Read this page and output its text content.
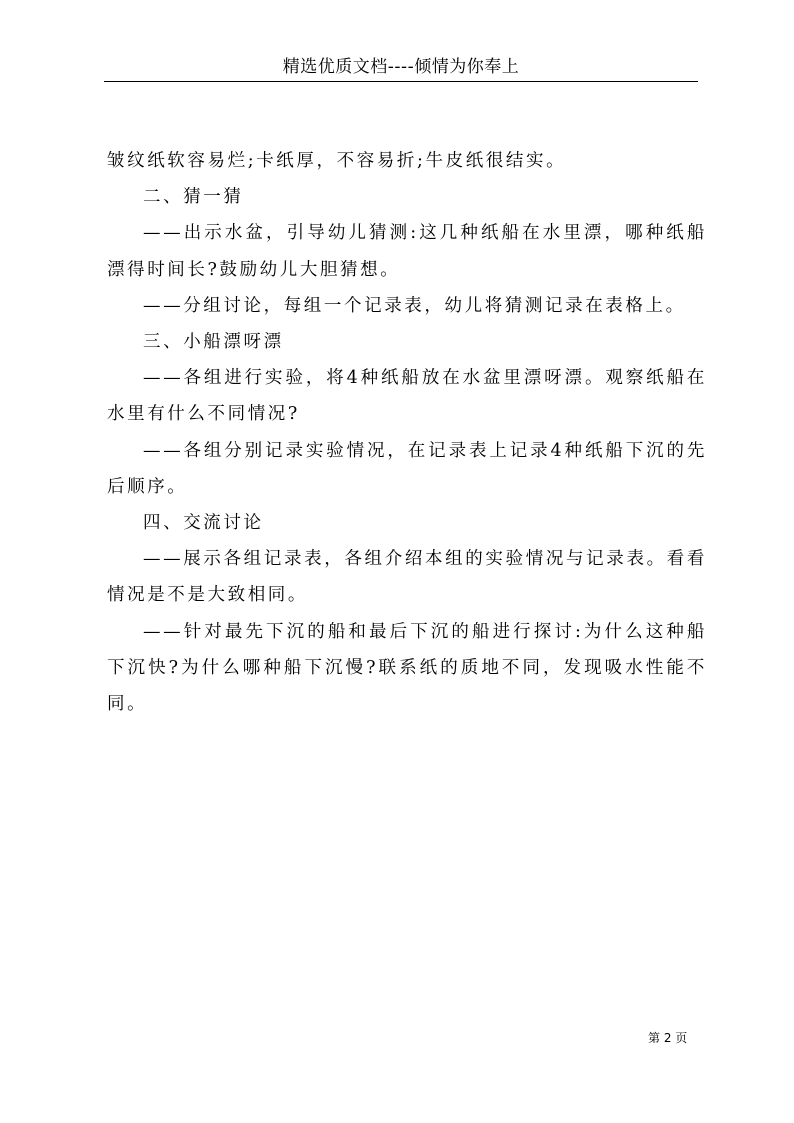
精选优质文档----倾情为你奉上

皱纹纸软容易烂;卡纸厚，不容易折;牛皮纸很结实。

二、猜一猜

——出示水盆，引导幼儿猜测:这几种纸船在水里漂，哪种纸船漂得时间长?鼓励幼儿大胆猜想。

——分组讨论，每组一个记录表，幼儿将猜测记录在表格上。

三、小船漂呀漂

——各组进行实验，将4种纸船放在水盆里漂呀漂。观察纸船在水里有什么不同情况?

——各组分别记录实验情况，在记录表上记录4种纸船下沉的先后顺序。

四、交流讨论

——展示各组记录表，各组介绍本组的实验情况与记录表。看看情况是不是大致相同。

——针对最先下沉的船和最后下沉的船进行探讨:为什么这种船下沉快?为什么哪种船下沉慢?联系纸的质地不同，发现吸水性能不同。

第 2 页
